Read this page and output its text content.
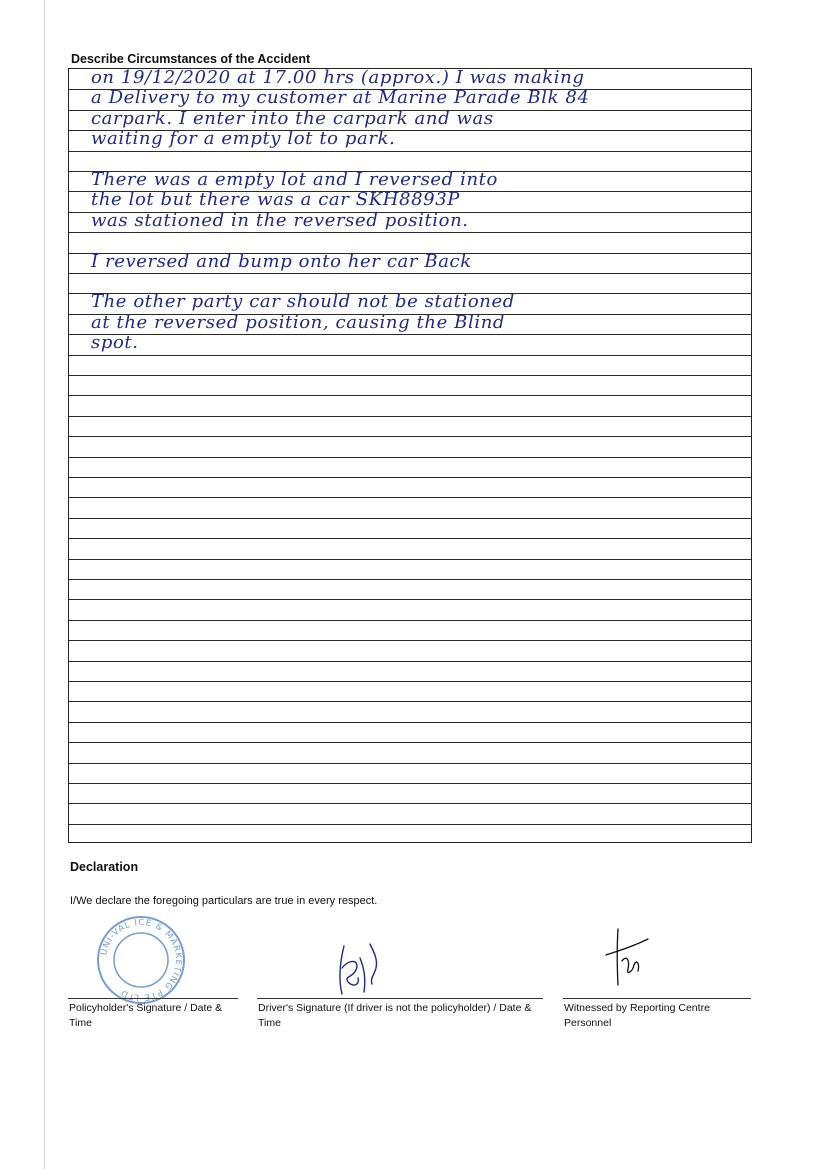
Describe Circumstances of the Accident
on 19/12/2020 at 17.00 hrs (approx.) I was making
a Delivery to my customer at Marine Parade Blk 84
carpark. I enter into the carpark and was
waiting for a empty lot to park.
There was a empty lot and I reversed into
the lot but there was a car SKH8893P
was stationed in the reversed position.
I reversed and bump onto her car Back
The other party car should not be stationed
at the reversed position, causing the Blind
spot.
Declaration
I/We declare the foregoing particulars are true in every respect.
UNI-VAL ICE & MARKETING PTE LTD
Policyholder's Signature / Date & Time
Driver's Signature (If driver is not the policyholder) / Date & Time
Witnessed by Reporting Centre Personnel
